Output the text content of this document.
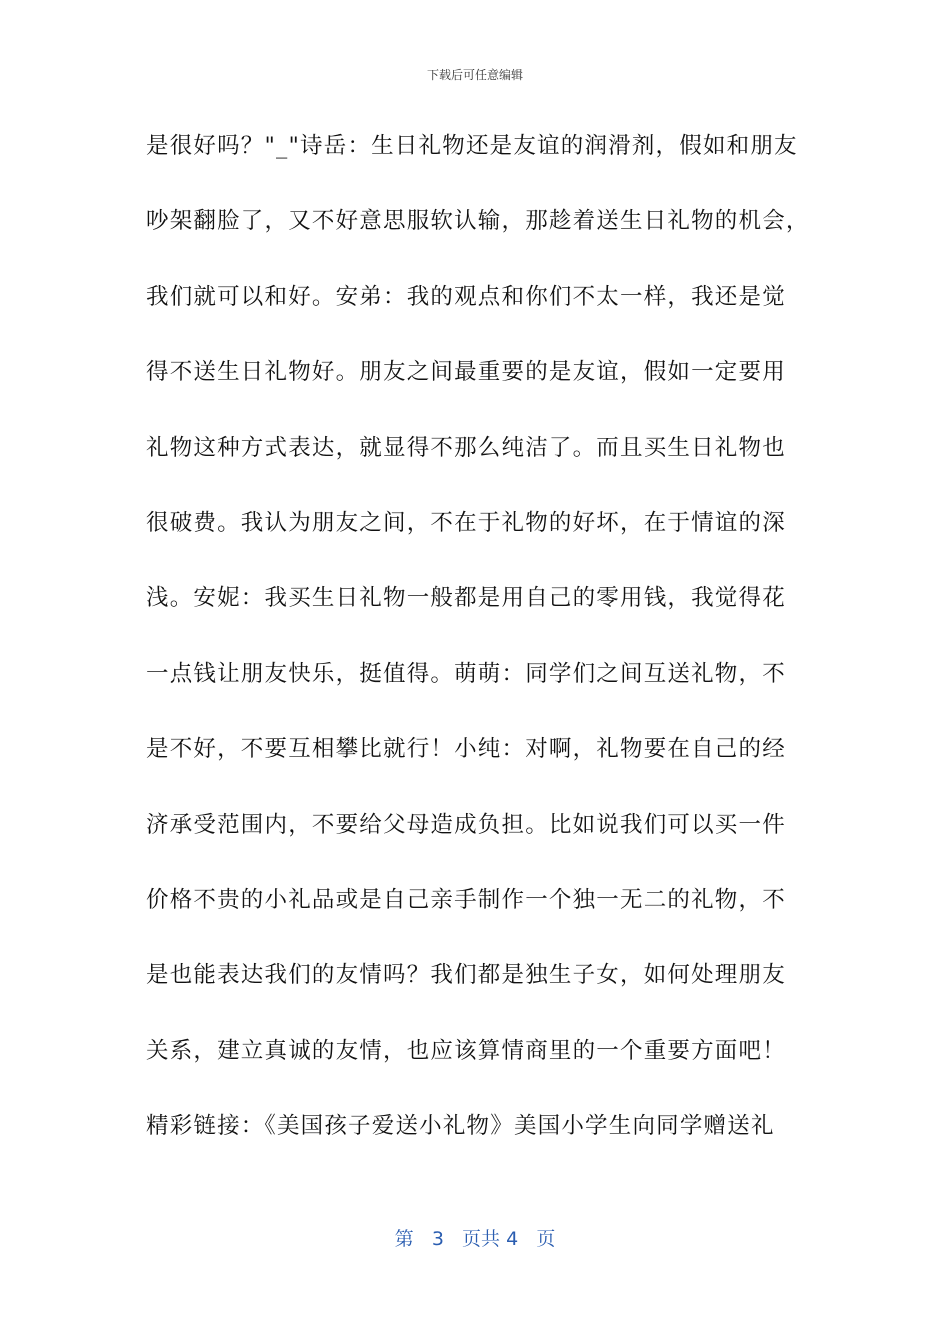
下载后可任意编辑
是很好吗？"_"诗岳：生日礼物还是友谊的润滑剂，假如和朋友
吵架翻脸了，又不好意思服软认输，那趁着送生日礼物的机会，
我们就可以和好。安弟：我的观点和你们不太一样，我还是觉
得不送生日礼物好。朋友之间最重要的是友谊，假如一定要用
礼物这种方式表达，就显得不那么纯洁了。而且买生日礼物也
很破费。我认为朋友之间，不在于礼物的好坏，在于情谊的深
浅。安妮：我买生日礼物一般都是用自己的零用钱，我觉得花
一点钱让朋友快乐，挺值得。萌萌：同学们之间互送礼物，不
是不好，不要互相攀比就行！小纯：对啊，礼物要在自己的经
济承受范围内，不要给父母造成负担。比如说我们可以买一件
价格不贵的小礼品或是自己亲手制作一个独一无二的礼物，不
是也能表达我们的友情吗？我们都是独生子女，如何处理朋友
关系，建立真诚的友情，也应该算情商里的一个重要方面吧！
精彩链接：《美国孩子爱送小礼物》美国小学生向同学赠送礼
第 3 页共 4 页
